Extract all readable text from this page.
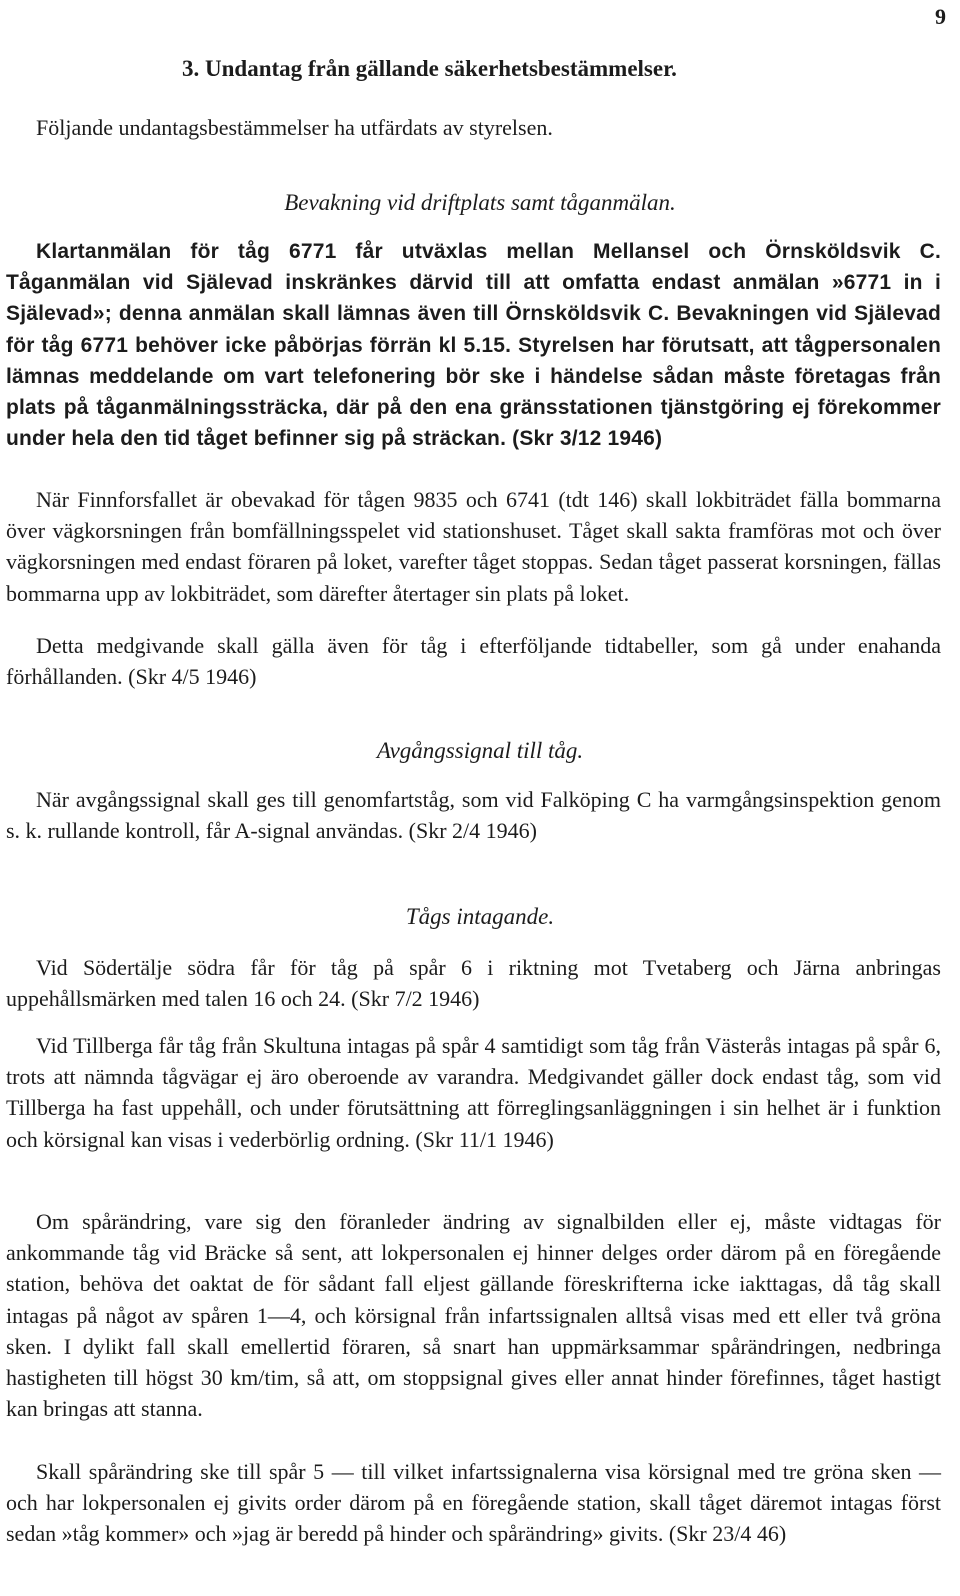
9
3. Undantag från gällande säkerhetsbestämmelser.

Följande undantagsbestämmelser ha utfärdats av styrelsen.

Bevakning vid driftplats samt tåganmälan.

Klartanmälan för tåg 6771 får utväxlas mellan Mellansel och Örnsköldsvik C. Tåganmälan vid Själevad inskränkes därvid till att omfatta endast anmälan »6771 in i Själevad»; denna anmälan skall lämnas även till Örnsköldsvik C. Bevakningen vid Själevad för tåg 6771 behöver icke påbörjas förrän kl 5.15. Styrelsen har förutsatt, att tågpersonalen lämnas meddelande om vart telefonering bör ske i händelse sådan måste företagas från plats på tåganmälningssträcka, där på den ena gränsstationen tjänstgöring ej förekommer under hela den tid tåget befinner sig på sträckan. (Skr 3/12 1946)

När Finnforsfallet är obevakad för tågen 9835 och 6741 (tdt 146) skall lokbiträdet fälla bommarna över vägkorsningen från bomfällningsspelet vid stationshuset. Tåget skall sakta framföras mot och över vägkorsningen med endast föraren på loket, varefter tåget stoppas. Sedan tåget passerat korsningen, fällas bommarna upp av lokbiträdet, som därefter återtager sin plats på loket.

Detta medgivande skall gälla även för tåg i efterföljande tidtabeller, som gå under enahanda förhållanden. (Skr 4/5 1946)

Avgångssignal till tåg.

När avgångssignal skall ges till genomfartståg, som vid Falköping C ha varmgångsinspektion genom s. k. rullande kontroll, får A-signal användas. (Skr 2/4 1946)

Tågs intagande.

Vid Södertälje södra får för tåg på spår 6 i riktning mot Tvetaberg och Järna anbringas uppehållsmärken med talen 16 och 24. (Skr 7/2 1946)

Vid Tillberga får tåg från Skultuna intagas på spår 4 samtidigt som tåg från Västerås intagas på spår 6, trots att nämnda tågvägar ej äro oberoende av varandra. Medgivandet gäller dock endast tåg, som vid Tillberga ha fast uppehåll, och under förutsättning att förreglingsanläggningen i sin helhet är i funktion och körsignal kan visas i vederbörlig ordning. (Skr 11/1 1946)

Om spårändring, vare sig den föranleder ändring av signalbilden eller ej, måste vidtagas för ankommande tåg vid Bräcke så sent, att lokpersonalen ej hinner delges order därom på en föregående station, behöva det oaktat de för sådant fall eljest gällande föreskrifterna icke iakttagas, då tåg skall intagas på något av spåren 1—4, och körsignal från infartssignalen alltså visas med ett eller två gröna sken. I dylikt fall skall emellertid föraren, så snart han uppmärksammar spårändringen, nedbringa hastigheten till högst 30 km/tim, så att, om stoppsignal gives eller annat hinder förefinnes, tåget hastigt kan bringas att stanna.

Skall spårändring ske till spår 5 — till vilket infartssignalerna visa körsignal med tre gröna sken — och har lokpersonalen ej givits order därom på en föregående station, skall tåget däremot intagas först sedan »tåg kommer» och »jag är beredd på hinder och spårändring» givits. (Skr 23/4 46)
